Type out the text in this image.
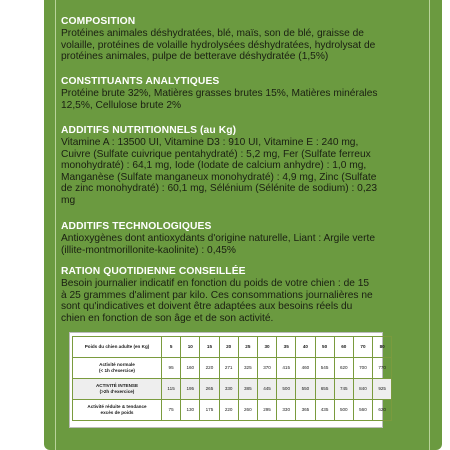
COMPOSITION

Protéines animales déshydratées, blé, maïs, son de blé, graisse de

volaille, protéines de volaille hydrolysées déshydratées, hydrolysat de

protéines animales, pulpe de betterave déshydratée (1,5%)

CONSTITUANTS ANALYTIQUES

Protéine brute 32%, Matières grasses brutes 15%, Matières minérales

12,5%, Cellulose brute 2%

ADDITIFS NUTRITIONNELS (au Kg)

Vitamine A : 13500 UI, Vitamine D3 : 910 UI, Vitamine E : 240 mg,

Cuivre (Sulfate cuivrique pentahydraté) : 5,2 mg, Fer (Sulfate ferreux

monohydraté) : 64,1 mg, Iode (Iodate de calcium anhydre) : 1,0 mg,

Manganèse (Sulfate manganeux monohydraté) : 4,9 mg, Zinc (Sulfate

de zinc monohydraté) : 60,1 mg, Sélénium (Sélénite de sodium) : 0,23

mg

ADDITIFS TECHNOLOGIQUES

Antioxygènes dont antioxydants d'origine naturelle, Liant : Argile verte

(illite-montmorillonite-kaolinite) : 0,45%

RATION QUOTIDIENNE CONSEILLÉE

Besoin journalier indicatif en fonction du poids de votre chien : de 15

à 25 grammes d'aliment par kilo. Ces consommations journalières ne

sont qu'indicatives et doivent être adaptées aux besoins réels du

chien en fonction de son âge et de son activité.

Poids du chien adulte (en Kg)	5	10	15	20	25	30	35	40	50	60	70	80

Activité normale
(< 1h d'exercice)	95	160	220	271	325	370	415	460	545	620	700	770

ACTIVITÉ INTENSE
(>2h d'exercice)	115	195	265	330	385	445	500	550	655	745	840	925

Activité réduite & tendance
excès de poids	75	130	175	220	260	295	330	365	435	500	560	620
